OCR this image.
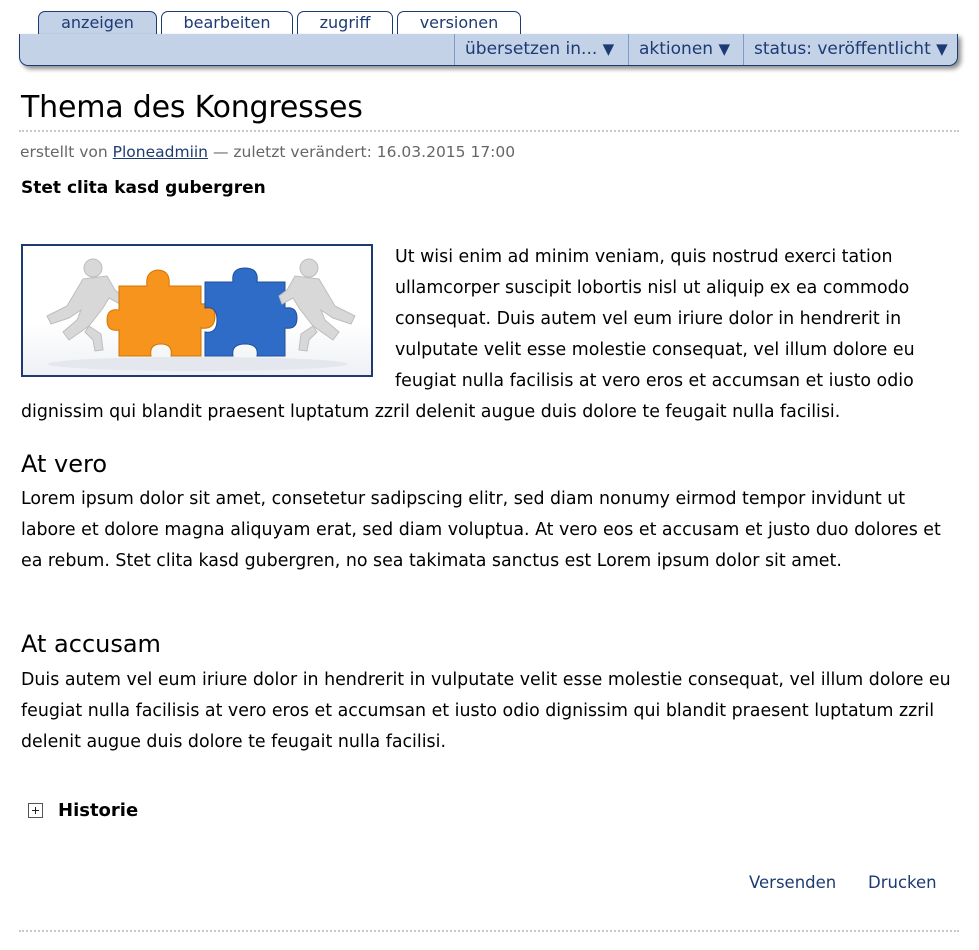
anzeigen	bearbeiten	zugriff	versionen
übersetzen in... ▼	aktionen ▼	status: veröffentlicht ▼
Thema des Kongresses
erstellt von Ploneadmiin — zuletzt verändert: 16.03.2015 17:00
Stet clita kasd gubergren
Ut wisi enim ad minim veniam, quis nostrud exerci tation ullamcorper suscipit lobortis nisl ut aliquip ex ea commodo consequat. Duis autem vel eum iriure dolor in hendrerit in vulputate velit esse molestie consequat, vel illum dolore eu feugiat nulla facilisis at vero eros et accumsan et iusto odio dignissim qui blandit praesent luptatum zzril delenit augue duis dolore te feugait nulla facilisi.
At vero

Lorem ipsum dolor sit amet, consetetur sadipscing elitr, sed diam nonumy eirmod tempor invidunt ut labore et dolore magna aliquyam erat, sed diam voluptua. At vero eos et accusam et justo duo dolores et ea rebum. Stet clita kasd gubergren, no sea takimata sanctus est Lorem ipsum dolor sit amet.

At accusam

Duis autem vel eum iriure dolor in hendrerit in vulputate velit esse molestie consequat, vel illum dolore eu feugiat nulla facilisis at vero eros et accumsan et iusto odio dignissim qui blandit praesent luptatum zzril delenit augue duis dolore te feugait nulla facilisi.

Historie
Versenden Drucken
